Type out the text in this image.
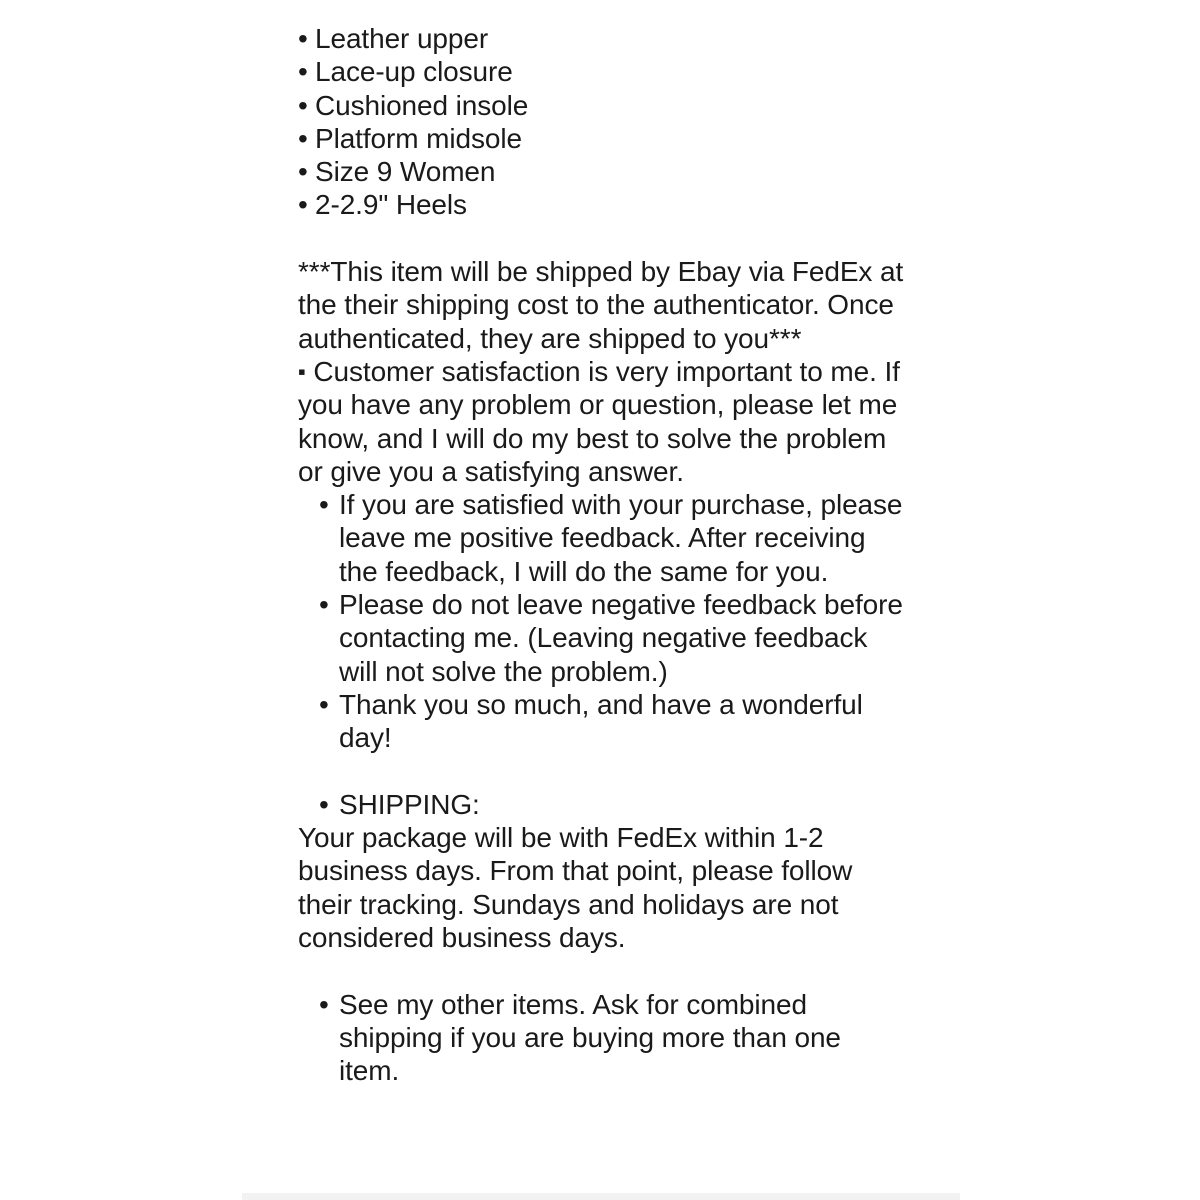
• Leather upper
• Lace-up closure
• Cushioned insole
• Platform midsole
• Size 9 Women
• 2-2.9" Heels

***This item will be shipped by Ebay via FedEx at the their shipping cost to the authenticator. Once authenticated, they are shipped to you***

▪ Customer satisfaction is very important to me. If you have any problem or question, please let me know, and I will do my best to solve the problem or give you a satisfying answer.

• If you are satisfied with your purchase, please leave me positive feedback. After receiving the feedback, I will do the same for you.
• Please do not leave negative feedback before contacting me. (Leaving negative feedback will not solve the problem.)
• Thank you so much, and have a wonderful day!
• SHIPPING:

Your package will be with FedEx within 1-2 business days. From that point, please follow their tracking. Sundays and holidays are not considered business days.

• See my other items. Ask for combined shipping if you are buying more than one item.
